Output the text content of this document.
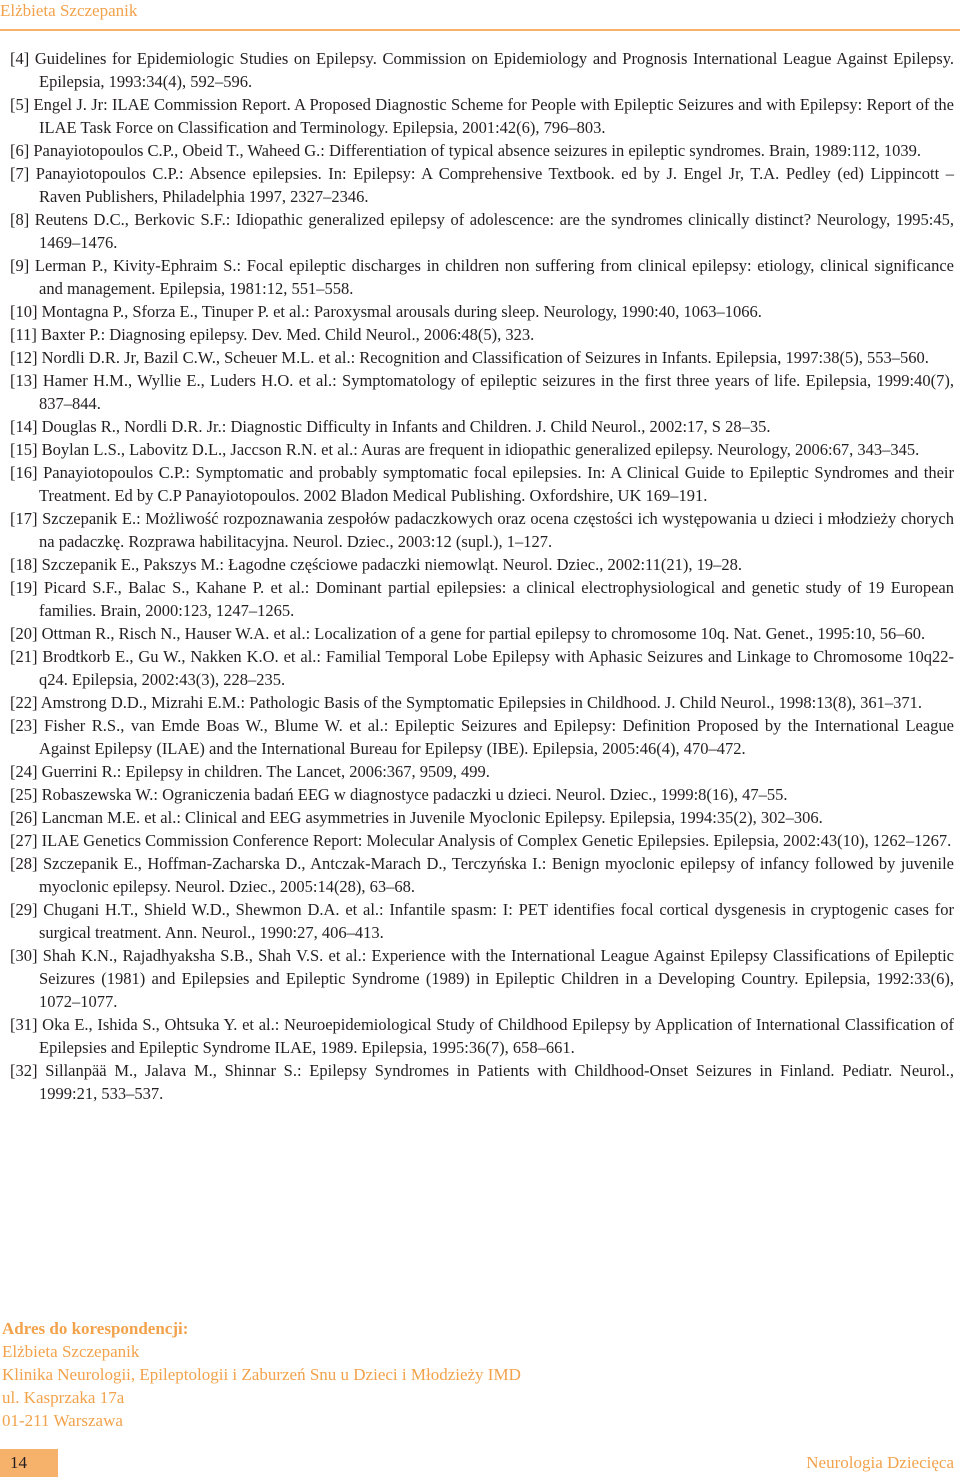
Elżbieta Szczepanik
[4] Guidelines for Epidemiologic Studies on Epilepsy. Commission on Epidemiology and Prognosis International League Against Epilepsy. Epilepsia, 1993:34(4), 592–596.
[5] Engel J. Jr: ILAE Commission Report. A Proposed Diagnostic Scheme for People with Epileptic Seizures and with Epilepsy: Report of the ILAE Task Force on Classification and Terminology. Epilepsia, 2001:42(6), 796–803.
[6] Panayiotopoulos C.P., Obeid T., Waheed G.: Differentiation of typical absence seizures in epileptic syndromes. Brain, 1989:112, 1039.
[7] Panayiotopoulos C.P.: Absence epilepsies. In: Epilepsy: A Comprehensive Textbook. ed by J. Engel Jr, T.A. Pedley (ed) Lippincott – Raven Publishers, Philadelphia 1997, 2327–2346.
[8] Reutens D.C., Berkovic S.F.: Idiopathic generalized epilepsy of adolescence: are the syndromes clinically distinct? Neurology, 1995:45, 1469–1476.
[9] Lerman P., Kivity-Ephraim S.: Focal epileptic discharges in children non suffering from clinical epilepsy: etiology, clinical significance and management. Epilepsia, 1981:12, 551–558.
[10] Montagna P., Sforza E., Tinuper P. et al.: Paroxysmal arousals during sleep. Neurology, 1990:40, 1063–1066.
[11] Baxter P.: Diagnosing epilepsy. Dev. Med. Child Neurol., 2006:48(5), 323.
[12] Nordli D.R. Jr, Bazil C.W., Scheuer M.L. et al.: Recognition and Classification of Seizures in Infants. Epilepsia, 1997:38(5), 553–560.
[13] Hamer H.M., Wyllie E., Luders H.O. et al.: Symptomatology of epileptic seizures in the first three years of life. Epilepsia, 1999:40(7), 837–844.
[14] Douglas R., Nordli D.R. Jr.: Diagnostic Difficulty in Infants and Children. J. Child Neurol., 2002:17, S 28–35.
[15] Boylan L.S., Labovitz D.L., Jaccson R.N. et al.: Auras are frequent in idiopathic generalized epilepsy. Neurology, 2006:67, 343–345.
[16] Panayiotopoulos C.P.: Symptomatic and probably symptomatic focal epilepsies. In: A Clinical Guide to Epileptic Syndromes and their Treatment. Ed by C.P Panayiotopoulos. 2002 Bladon Medical Publishing. Oxfordshire, UK 169–191.
[17] Szczepanik E.: Możliwość rozpoznawania zespołów padaczkowych oraz ocena częstości ich występowania u dzieci i młodzieży chorych na padaczkę. Rozprawa habilitacyjna. Neurol. Dziec., 2003:12 (supl.), 1–127.
[18] Szczepanik E., Pakszys M.: Łagodne częściowe padaczki niemowląt. Neurol. Dziec., 2002:11(21), 19–28.
[19] Picard S.F., Balac S., Kahane P. et al.: Dominant partial epilepsies: a clinical electrophysiological and genetic study of 19 European families. Brain, 2000:123, 1247–1265.
[20] Ottman R., Risch N., Hauser W.A. et al.: Localization of a gene for partial epilepsy to chromosome 10q. Nat. Genet., 1995:10, 56–60.
[21] Brodtkorb E., Gu W., Nakken K.O. et al.: Familial Temporal Lobe Epilepsy with Aphasic Seizures and Linkage to Chromosome 10q22-q24. Epilepsia, 2002:43(3), 228–235.
[22] Amstrong D.D., Mizrahi E.M.: Pathologic Basis of the Symptomatic Epilepsies in Childhood. J. Child Neurol., 1998:13(8), 361–371.
[23] Fisher R.S., van Emde Boas W., Blume W. et al.: Epileptic Seizures and Epilepsy: Definition Proposed by the International League Against Epilepsy (ILAE) and the International Bureau for Epilepsy (IBE). Epilepsia, 2005:46(4), 470–472.
[24] Guerrini R.: Epilepsy in children. The Lancet, 2006:367, 9509, 499.
[25] Robaszewska W.: Ograniczenia badań EEG w diagnostyce padaczki u dzieci. Neurol. Dziec., 1999:8(16), 47–55.
[26] Lancman M.E. et al.: Clinical and EEG asymmetries in Juvenile Myoclonic Epilepsy. Epilepsia, 1994:35(2), 302–306.
[27] ILAE Genetics Commission Conference Report: Molecular Analysis of Complex Genetic Epilepsies. Epilepsia, 2002:43(10), 1262–1267.
[28] Szczepanik E., Hoffman-Zacharska D., Antczak-Marach D., Terczyńska I.: Benign myoclonic epilepsy of infancy followed by juvenile myoclonic epilepsy. Neurol. Dziec., 2005:14(28), 63–68.
[29] Chugani H.T., Shield W.D., Shewmon D.A. et al.: Infantile spasm: I: PET identifies focal cortical dysgenesis in cryptogenic cases for surgical treatment. Ann. Neurol., 1990:27, 406–413.
[30] Shah K.N., Rajadhyaksha S.B., Shah V.S. et al.: Experience with the International League Against Epilepsy Classifications of Epileptic Seizures (1981) and Epilepsies and Epileptic Syndrome (1989) in Epileptic Children in a Developing Country. Epilepsia, 1992:33(6), 1072–1077.
[31] Oka E., Ishida S., Ohtsuka Y. et al.: Neuroepidemiological Study of Childhood Epilepsy by Application of International Classification of Epilepsies and Epileptic Syndrome ILAE, 1989. Epilepsia, 1995:36(7), 658–661.
[32] Sillanpää M., Jalava M., Shinnar S.: Epilepsy Syndromes in Patients with Childhood-Onset Seizures in Finland. Pediatr. Neurol., 1999:21, 533–537.
Adres do korespondencji:
Elżbieta Szczepanik
Klinika Neurologii, Epileptologii i Zaburzeń Snu u Dzieci i Młodzieży IMD
ul. Kasprzaka 17a
01-211 Warszawa
14	Neurologia Dziecięca
